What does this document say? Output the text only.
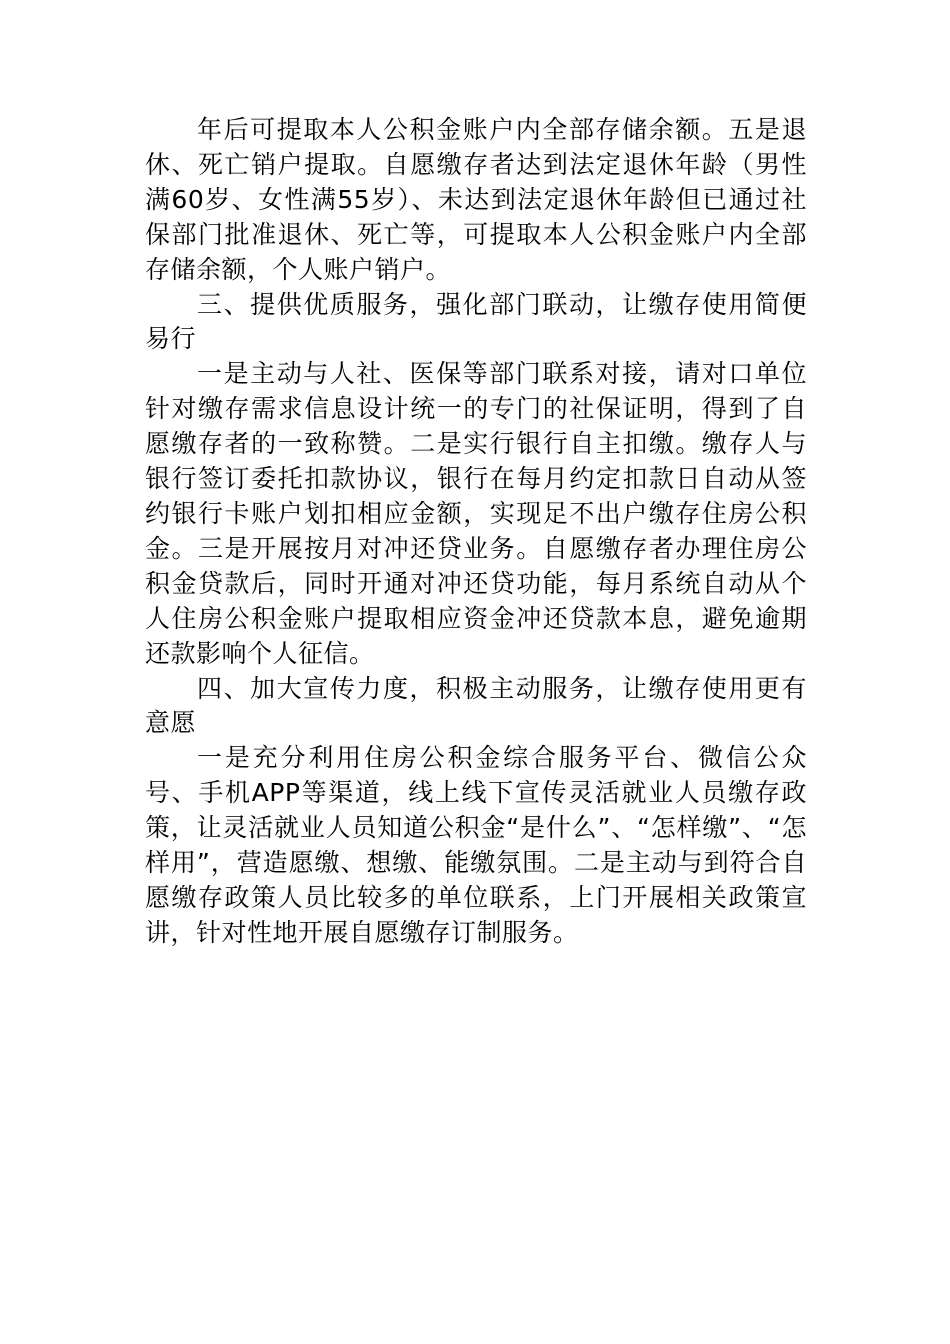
年后可提取本人公积金账户内全部存储余额。五是退休、死亡销户提取。自愿缴存者达到法定退休年龄（男性满60岁、女性满55岁）、未达到法定退休年龄但已通过社保部门批准退休、死亡等，可提取本人公积金账户内全部存储余额，个人账户销户。

三、提供优质服务，强化部门联动，让缴存使用简便易行

一是主动与人社、医保等部门联系对接，请对口单位针对缴存需求信息设计统一的专门的社保证明，得到了自愿缴存者的一致称赞。二是实行银行自主扣缴。缴存人与银行签订委托扣款协议，银行在每月约定扣款日自动从签约银行卡账户划扣相应金额，实现足不出户缴存住房公积金。三是开展按月对冲还贷业务。自愿缴存者办理住房公积金贷款后，同时开通对冲还贷功能，每月系统自动从个人住房公积金账户提取相应资金冲还贷款本息，避免逾期还款影响个人征信。

四、加大宣传力度，积极主动服务，让缴存使用更有意愿

一是充分利用住房公积金综合服务平台、微信公众号、手机APP等渠道，线上线下宣传灵活就业人员缴存政策，让灵活就业人员知道公积金“是什么”、“怎样缴”、“怎样用”，营造愿缴、想缴、能缴氛围。二是主动与到符合自愿缴存政策人员比较多的单位联系，上门开展相关政策宣讲，针对性地开展自愿缴存订制服务。
